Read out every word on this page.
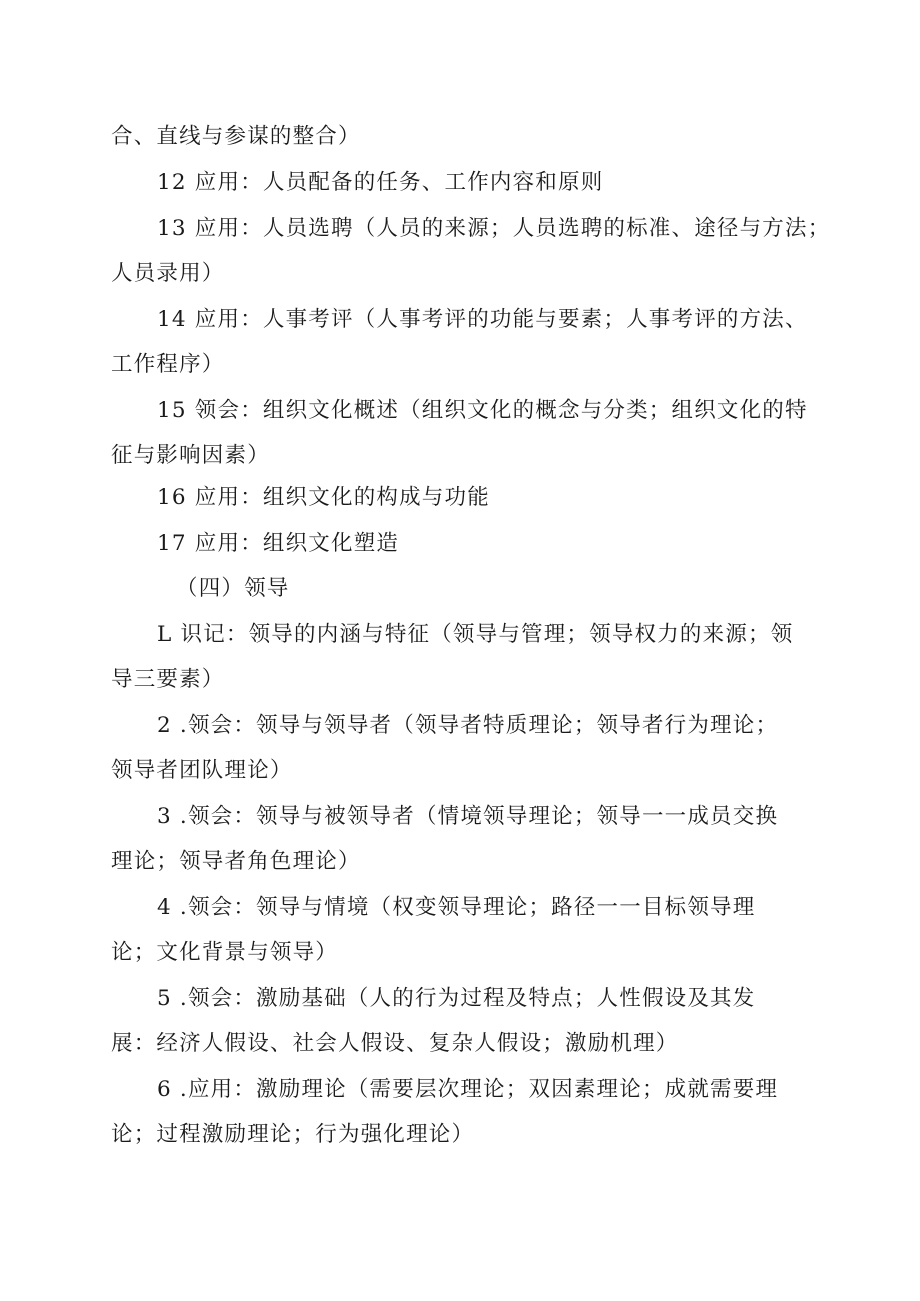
合、直线与参谋的整合）
12 应用：人员配备的任务、工作内容和原则
13 应用：人员选聘（人员的来源；人员选聘的标准、途径与方法；
人员录用）
14 应用：人事考评（人事考评的功能与要素；人事考评的方法、
工作程序）
15 领会：组织文化概述（组织文化的概念与分类；组织文化的特
征与影响因素）
16 应用：组织文化的构成与功能
17 应用：组织文化塑造
（四）领导
L 识记：领导的内涵与特征（领导与管理；领导权力的来源；领
导三要素）
2 .领会：领导与领导者（领导者特质理论；领导者行为理论；
领导者团队理论）
3 .领会：领导与被领导者（情境领导理论；领导一一成员交换
理论；领导者角色理论）
4 .领会：领导与情境（权变领导理论；路径一一目标领导理
论；文化背景与领导）
5 .领会：激励基础（人的行为过程及特点；人性假设及其发
展：经济人假设、社会人假设、复杂人假设；激励机理）
6 .应用：激励理论（需要层次理论；双因素理论；成就需要理
论；过程激励理论；行为强化理论）
